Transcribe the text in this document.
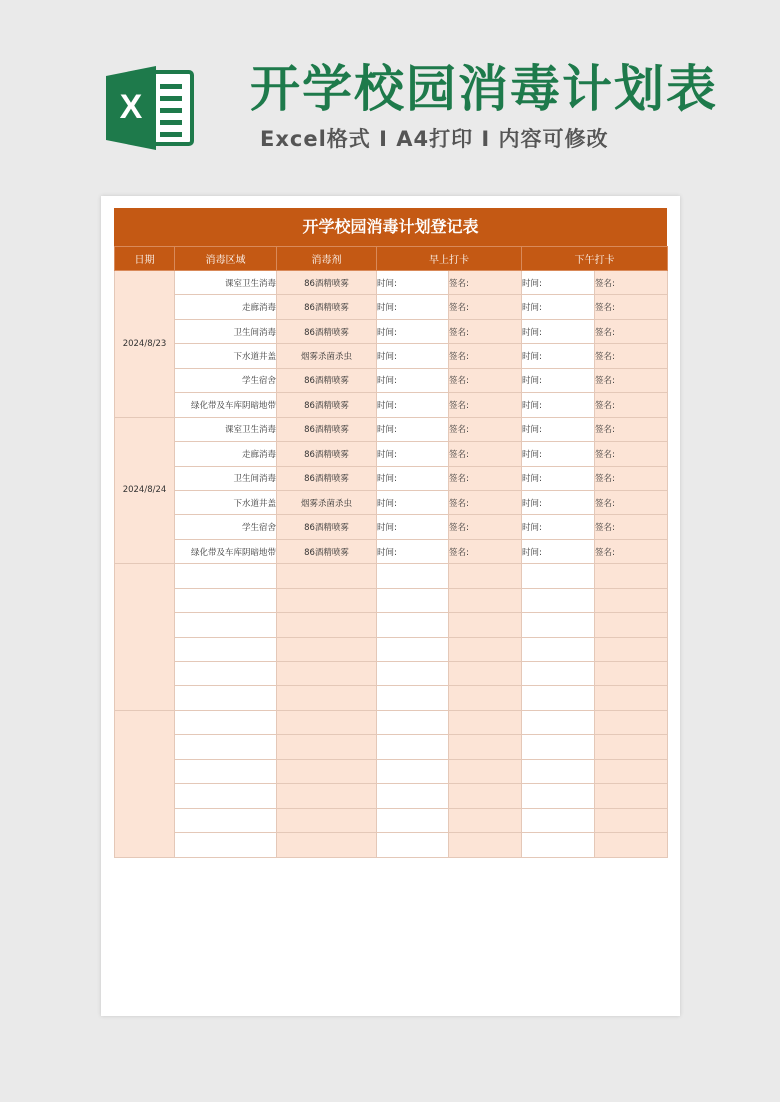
X 开学校园消毒计划表
Excel格式 I A4打印 I 内容可修改
开学校园消毒计划登记表
日期	消毒区域	消毒剂	早上打卡		下午打卡	
2024/8/23	课室卫生消毒	86酒精喷雾	时间:	签名:	时间:	签名:
	走廊消毒	86酒精喷雾	时间:	签名:	时间:	签名:
	卫生间消毒	86酒精喷雾	时间:	签名:	时间:	签名:
	下水道井盖	烟雾杀菌杀虫	时间:	签名:	时间:	签名:
	学生宿舍	86酒精喷雾	时间:	签名:	时间:	签名:
	绿化带及车库阴暗地带	86酒精喷雾	时间:	签名:	时间:	签名:
2024/8/24	课室卫生消毒	86酒精喷雾	时间:	签名:	时间:	签名:
	走廊消毒	86酒精喷雾	时间:	签名:	时间:	签名:
	卫生间消毒	86酒精喷雾	时间:	签名:	时间:	签名:
	下水道井盖	烟雾杀菌杀虫	时间:	签名:	时间:	签名:
	学生宿舍	86酒精喷雾	时间:	签名:	时间:	签名:
	绿化带及车库阴暗地带	86酒精喷雾	时间:	签名:	时间:	签名:
